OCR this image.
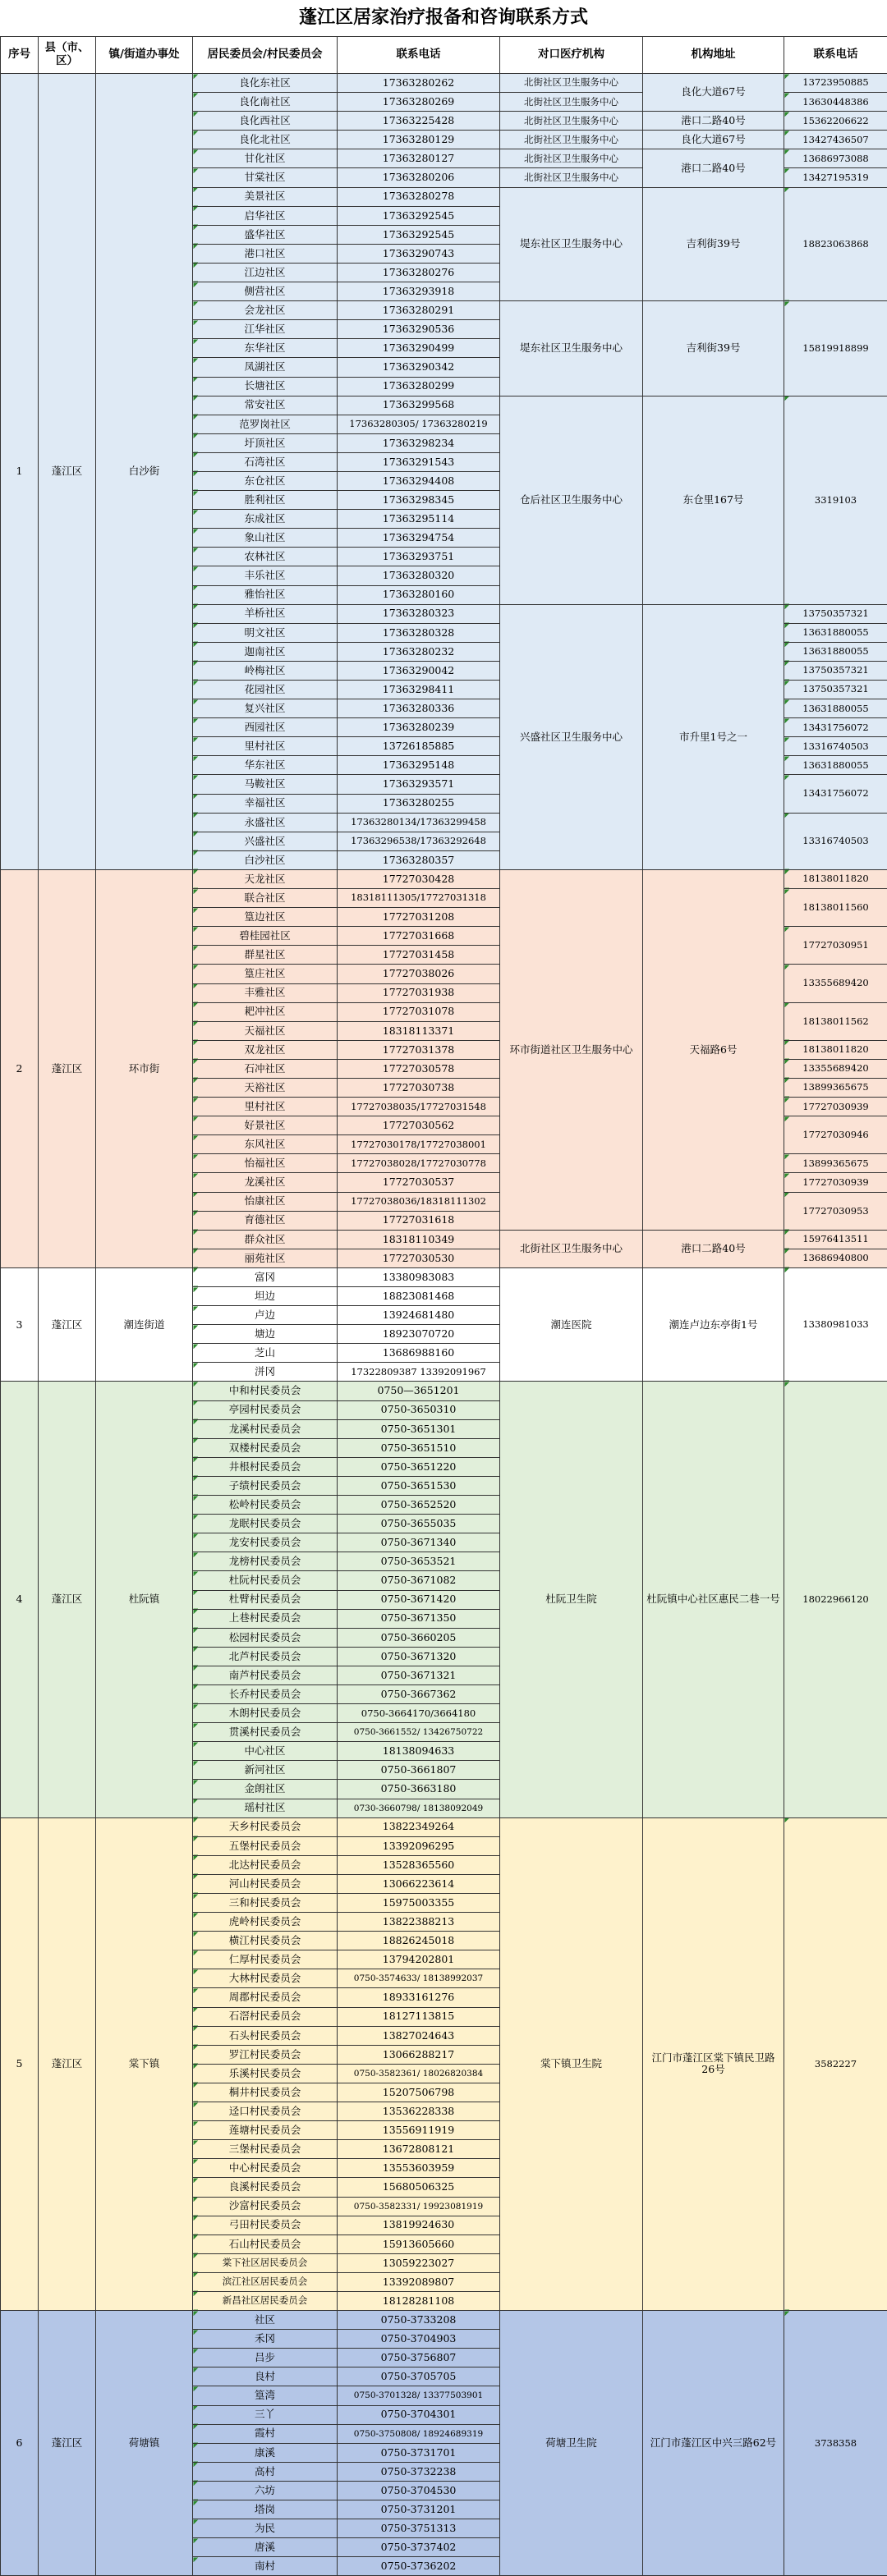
蓬江区居家治疗报备和咨询联系方式
序号	县（市、区）	镇/街道办事处	居民委员会/村民委员会	联系电话	对口医疗机构	机构地址	联系电话
1	蓬江区	白沙街	良化东社区	17363280262	北街社区卫生服务中心	良化大道67号	13723950885
			良化南社区	17363280269	北街社区卫生服务中心		13630448386
			良化西社区	17363225428	北街社区卫生服务中心	港口二路40号	15362206622
			良化北社区	17363280129	北街社区卫生服务中心	良化大道67号	13427436507
			甘化社区	17363280127	北街社区卫生服务中心	港口二路40号	13686973088
			甘棠社区	17363280206	北街社区卫生服务中心		13427195319
			美景社区	17363280278	堤东社区卫生服务中心	吉利街39号	18823063868
			启华社区	17363292545			
			盛华社区	17363292545			
			港口社区	17363290743			
			江边社区	17363280276			
			侧营社区	17363293918			
			会龙社区	17363280291	堤东社区卫生服务中心	吉利街39号	15819918899
			江华社区	17363290536			
			东华社区	17363290499			
			凤湖社区	17363290342			
			长塘社区	17363280299			
			常安社区	17363299568	仓后社区卫生服务中心	东仓里167号	3319103
			范罗岗社区	17363280305/ 17363280219			
			圩顶社区	17363298234			
			石湾社区	17363291543			
			东仓社区	17363294408			
			胜利社区	17363298345			
			东成社区	17363295114			
			象山社区	17363294754			
			农林社区	17363293751			
			丰乐社区	17363280320			
			雅怡社区	17363280160			
			羊桥社区	17363280323	兴盛社区卫生服务中心	市升里1号之一	13750357321
			明文社区	17363280328			13631880055
			迦南社区	17363280232			13631880055
			岭梅社区	17363290042			13750357321
			花园社区	17363298411			13750357321
			复兴社区	17363280336			13631880055
			西园社区	17363280239			13431756072
			里村社区	13726185885			13316740503
			华东社区	17363295148			13631880055
			马鞍社区	17363293571			13431756072
			幸福社区	17363280255			
			永盛社区	17363280134/17363299458			13316740503
			兴盛社区	17363296538/17363292648			
			白沙社区	17363280357			
2	蓬江区	环市街	天龙社区	17727030428	环市街道社区卫生服务中心	天福路6号	18138011820
			联合社区	18318111305/17727031318			18138011560
			篁边社区	17727031208			
			碧桂园社区	17727031668			17727030951
			群星社区	17727031458			
			篁庄社区	17727038026			13355689420
			丰雅社区	17727031938			
			耙冲社区	17727031078			18138011562
			天福社区	18318113371			
			双龙社区	17727031378			18138011820
			石冲社区	17727030578			13355689420
			天裕社区	17727030738			13899365675
			里村社区	17727038035/17727031548			17727030939
			好景社区	17727030562			17727030946
			东风社区	17727030178/17727038001			
			怡福社区	17727038028/17727030778			13899365675
			龙溪社区	17727030537			17727030939
			怡康社区	17727038036/18318111302			17727030953
			育德社区	17727031618			
			群众社区	18318110349	北街社区卫生服务中心	港口二路40号	15976413511
			丽苑社区	17727030530			13686940800
3	蓬江区	潮连街道	富冈	13380983083	潮连医院	潮连卢边东亭街1号	13380981033
			坦边	18823081468			
			卢边	13924681480			
			塘边	18923070720			
			芝山	13686988160			
			洴冈	17322809387 13392091967			
4	蓬江区	杜阮镇	中和村民委员会	0750—3651201	杜阮卫生院	杜阮镇中心社区惠民二巷一号	18022966120
			亭园村民委员会	0750-3650310			
			龙溪村民委员会	0750-3651301			
			双楼村民委员会	0750-3651510			
			井根村民委员会	0750-3651220			
			子绩村民委员会	0750-3651530			
			松岭村民委员会	0750-3652520			
			龙眠村民委员会	0750-3655035			
			龙安村民委员会	0750-3671340			
			龙榜村民委员会	0750-3653521			
			杜阮村民委员会	0750-3671082			
			杜臂村民委员会	0750-3671420			
			上巷村民委员会	0750-3671350			
			松园村民委员会	0750-3660205			
			北芦村民委员会	0750-3671320			
			南芦村民委员会	0750-3671321			
			长乔村民委员会	0750-3667362			
			木朗村民委员会	0750-3664170/3664180			
			贯溪村民委员会	0750-3661552/ 13426750722			
			中心社区	18138094633			
			新河社区	0750-3661807			
			金朗社区	0750-3663180			
			瑶村社区	0730-3660798/ 18138092049			
5	蓬江区	棠下镇	天乡村民委员会	13822349264	棠下镇卫生院	江门市蓬江区棠下镇民卫路26号	3582227
			五堡村民委员会	13392096295			
			北达村民委员会	13528365560			
			河山村民委员会	13066223614			
			三和村民委员会	15975003355			
			虎岭村民委员会	13822388213			
			横江村民委员会	18826245018			
			仁厚村民委员会	13794202801			
			大林村民委员会	0750-3574633/ 18138992037			
			周郡村民委员会	18933161276			
			石滘村民委员会	18127113815			
			石头村民委员会	13827024643			
			罗江村民委员会	13066288217			
			乐溪村民委员会	0750-3582361/ 18026820384			
			桐井村民委员会	15207506798			
			迳口村民委员会	13536228338			
			莲塘村民委员会	13556911919			
			三堡村民委员会	13672808121			
			中心村民委员会	13553603959			
			良溪村民委员会	15680506325			
			沙富村民委员会	0750-3582331/ 19923081919			
			弓田村民委员会	13819924630			
			石山村民委员会	15913605660			
			棠下社区居民委员会	13059223027			
			滨江社区居民委员会	13392089807			
			新昌社区居民委员会	18128281108			
6	蓬江区	荷塘镇	社区	0750-3733208	荷塘卫生院	江门市蓬江区中兴三路62号	3738358
			禾冈	0750-3704903			
			吕步	0750-3756807			
			良村	0750-3705705			
			篁湾	0750-3701328/ 13377503901			
			三丫	0750-3704301			
			霞村	0750-3750808/ 18924689319			
			康溪	0750-3731701			
			高村	0750-3732238			
			六坊	0750-3704530			
			塔岗	0750-3731201			
			为民	0750-3751313			
			唐溪	0750-3737402			
			南村	0750-3736202			
